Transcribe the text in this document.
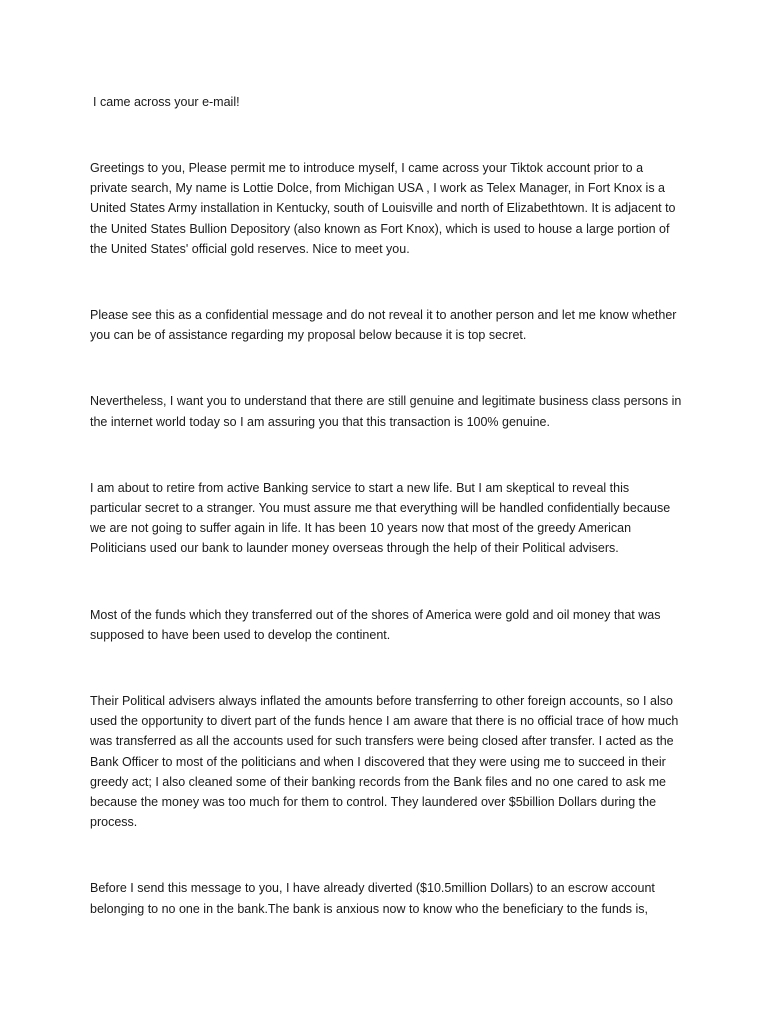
I came across your e-mail!

Greetings to you, Please permit me to introduce myself, I came across your Tiktok account prior to a private search, My name is Lottie Dolce, from Michigan USA , I work as Telex Manager, in Fort Knox is a United States Army installation in Kentucky, south of Louisville and north of Elizabethtown. It is adjacent to the United States Bullion Depository (also known as Fort Knox), which is used to house a large portion of the United States' official gold reserves. Nice to meet you.

Please see this as a confidential message and do not reveal it to another person and let me know whether you can be of assistance regarding my proposal below because it is top secret.

Nevertheless, I want you to understand that there are still genuine and legitimate business class persons in the internet world today so I am assuring you that this transaction is 100% genuine.

I am about to retire from active Banking service to start a new life. But I am skeptical to reveal this particular secret to a stranger. You must assure me that everything will be handled confidentially because we are not going to suffer again in life. It has been 10 years now that most of the greedy American Politicians used our bank to launder money overseas through the help of their Political advisers.

Most of the funds which they transferred out of the shores of America were gold and oil money that was supposed to have been used to develop the continent.

Their Political advisers always inflated the amounts before transferring to other foreign accounts, so I also used the opportunity to divert part of the funds hence I am aware that there is no official trace of how much was transferred as all the accounts used for such transfers were being closed after transfer. I acted as the Bank Officer to most of the politicians and when I discovered that they were using me to succeed in their greedy act; I also cleaned some of their banking records from the Bank files and no one cared to ask me because the money was too much for them to control. They laundered over $5billion Dollars during the process.

Before I send this message to you, I have already diverted ($10.5million Dollars) to an escrow account belonging to no one in the bank.The bank is anxious now to know who the beneficiary to the funds is,
